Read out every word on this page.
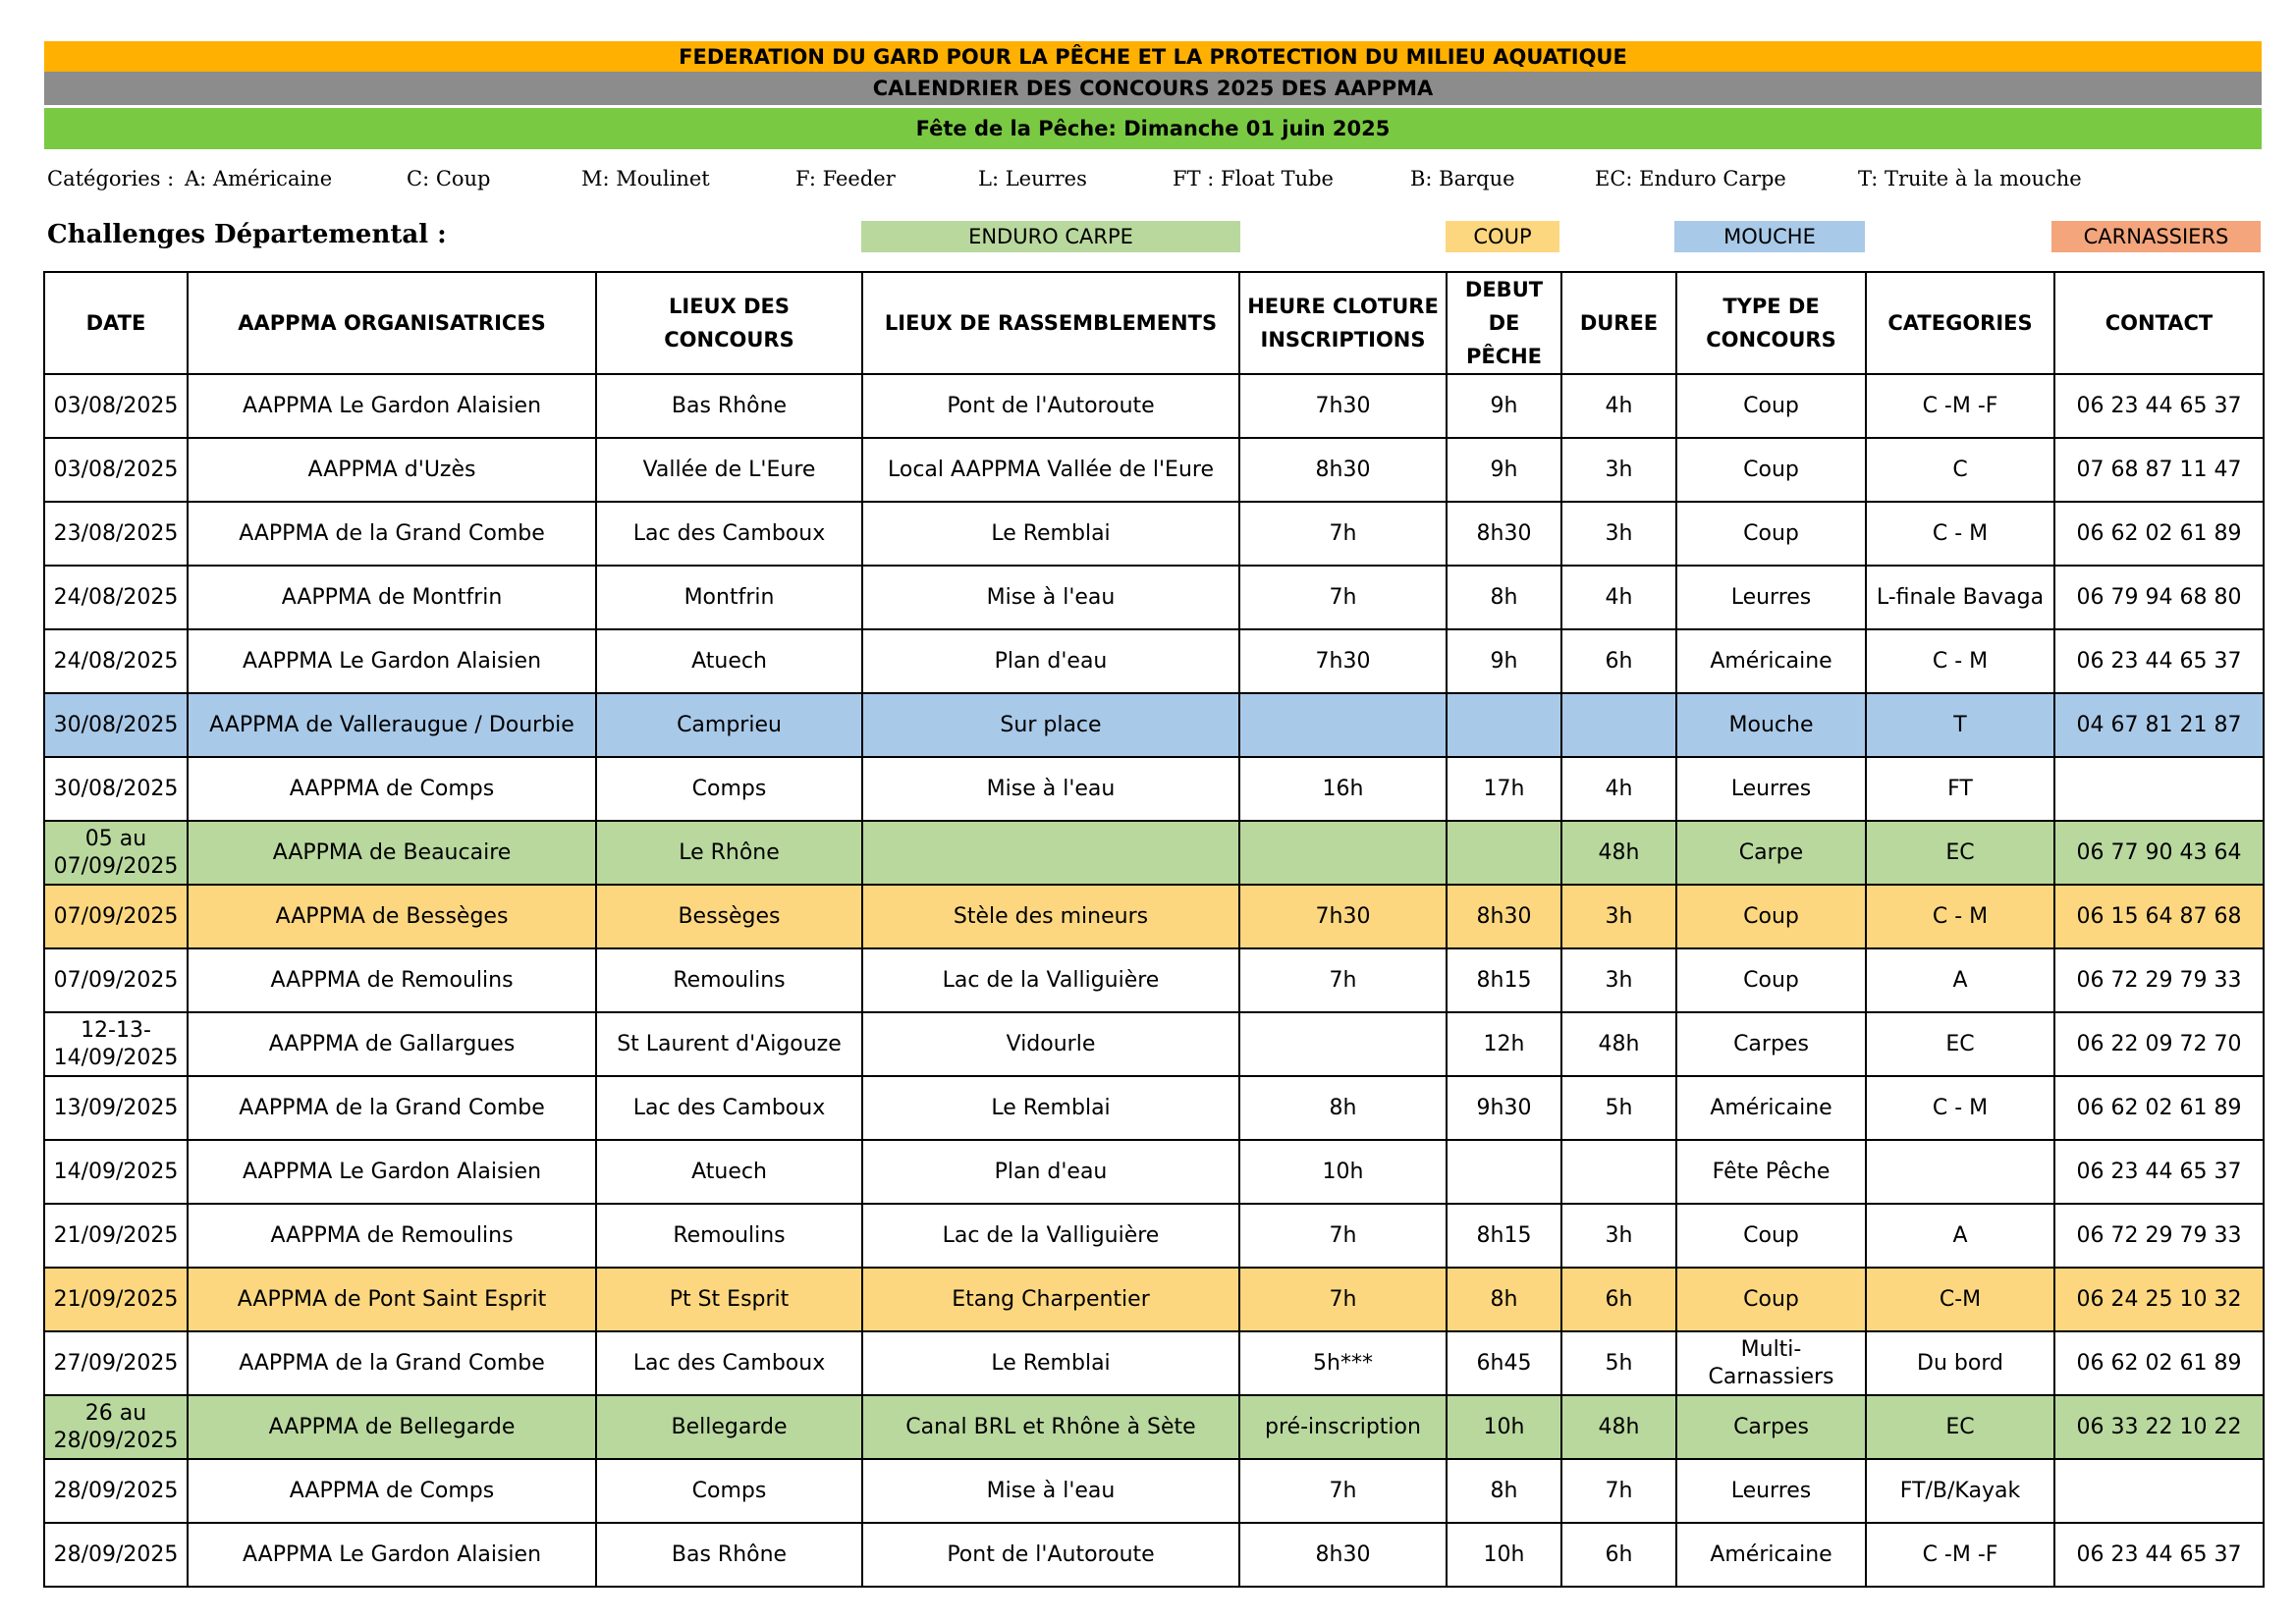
FEDERATION DU GARD POUR LA PÊCHE ET LA PROTECTION DU MILIEU AQUATIQUE
CALENDRIER DES CONCOURS 2025 DES AAPPMA
Fête de la Pêche: Dimanche 01 juin 2025
Catégories : A: Américaine	C: Coup	M: Moulinet	F: Feeder	L: Leurres	FT : Float Tube	B: Barque	EC: Enduro Carpe	T: Truite à la mouche
Challenges Départemental :	ENDURO CARPE	COUP	MOUCHE	CARNASSIERS
DATE	AAPPMA ORGANISATRICES	LIEUX DES CONCOURS	LIEUX DE RASSEMBLEMENTS	HEURE CLOTURE INSCRIPTIONS	DEBUT DE PÊCHE	DUREE	TYPE DE CONCOURS	CATEGORIES	CONTACT
03/08/2025	AAPPMA Le Gardon Alaisien	Bas Rhône	Pont de l'Autoroute	7h30	9h	4h	Coup	C -M -F	06 23 44 65 37
03/08/2025	AAPPMA d'Uzès	Vallée de L'Eure	Local AAPPMA Vallée de l'Eure	8h30	9h	3h	Coup	C	07 68 87 11 47
23/08/2025	AAPPMA de la Grand Combe	Lac des Camboux	Le Remblai	7h	8h30	3h	Coup	C - M	06 62 02 61 89
24/08/2025	AAPPMA de Montfrin	Montfrin	Mise à l'eau	7h	8h	4h	Leurres	L-finale Bavaga	06 79 94 68 80
24/08/2025	AAPPMA Le Gardon Alaisien	Atuech	Plan d'eau	7h30	9h	6h	Américaine	C - M	06 23 44 65 37
30/08/2025	AAPPMA de Valleraugue / Dourbie	Camprieu	Sur place				Mouche	T	04 67 81 21 87
30/08/2025	AAPPMA de Comps	Comps	Mise à l'eau	16h	17h	4h	Leurres	FT	
05 au 07/09/2025	AAPPMA de Beaucaire	Le Rhône				48h	Carpe	EC	06 77 90 43 64
07/09/2025	AAPPMA de Bessèges	Bessèges	Stèle des mineurs	7h30	8h30	3h	Coup	C - M	06 15 64 87 68
07/09/2025	AAPPMA de Remoulins	Remoulins	Lac de la Valliguière	7h	8h15	3h	Coup	A	06 72 29 79 33
12-13-14/09/2025	AAPPMA de Gallargues	St Laurent d'Aigouze	Vidourle		12h	48h	Carpes	EC	06 22 09 72 70
13/09/2025	AAPPMA de la Grand Combe	Lac des Camboux	Le Remblai	8h	9h30	5h	Américaine	C - M	06 62 02 61 89
14/09/2025	AAPPMA Le Gardon Alaisien	Atuech	Plan d'eau	10h			Fête Pêche		06 23 44 65 37
21/09/2025	AAPPMA de Remoulins	Remoulins	Lac de la Valliguière	7h	8h15	3h	Coup	A	06 72 29 79 33
21/09/2025	AAPPMA de Pont Saint Esprit	Pt St Esprit	Etang Charpentier	7h	8h	6h	Coup	C-M	06 24 25 10 32
27/09/2025	AAPPMA de la Grand Combe	Lac des Camboux	Le Remblai	5h***	6h45	5h	Multi-Carnassiers	Du bord	06 62 02 61 89
26 au 28/09/2025	AAPPMA de Bellegarde	Bellegarde	Canal BRL et Rhône à Sète	pré-inscription	10h	48h	Carpes	EC	06 33 22 10 22
28/09/2025	AAPPMA de Comps	Comps	Mise à l'eau	7h	8h	7h	Leurres	FT/B/Kayak	
28/09/2025	AAPPMA Le Gardon Alaisien	Bas Rhône	Pont de l'Autoroute	8h30	10h	6h	Américaine	C -M -F	06 23 44 65 37
